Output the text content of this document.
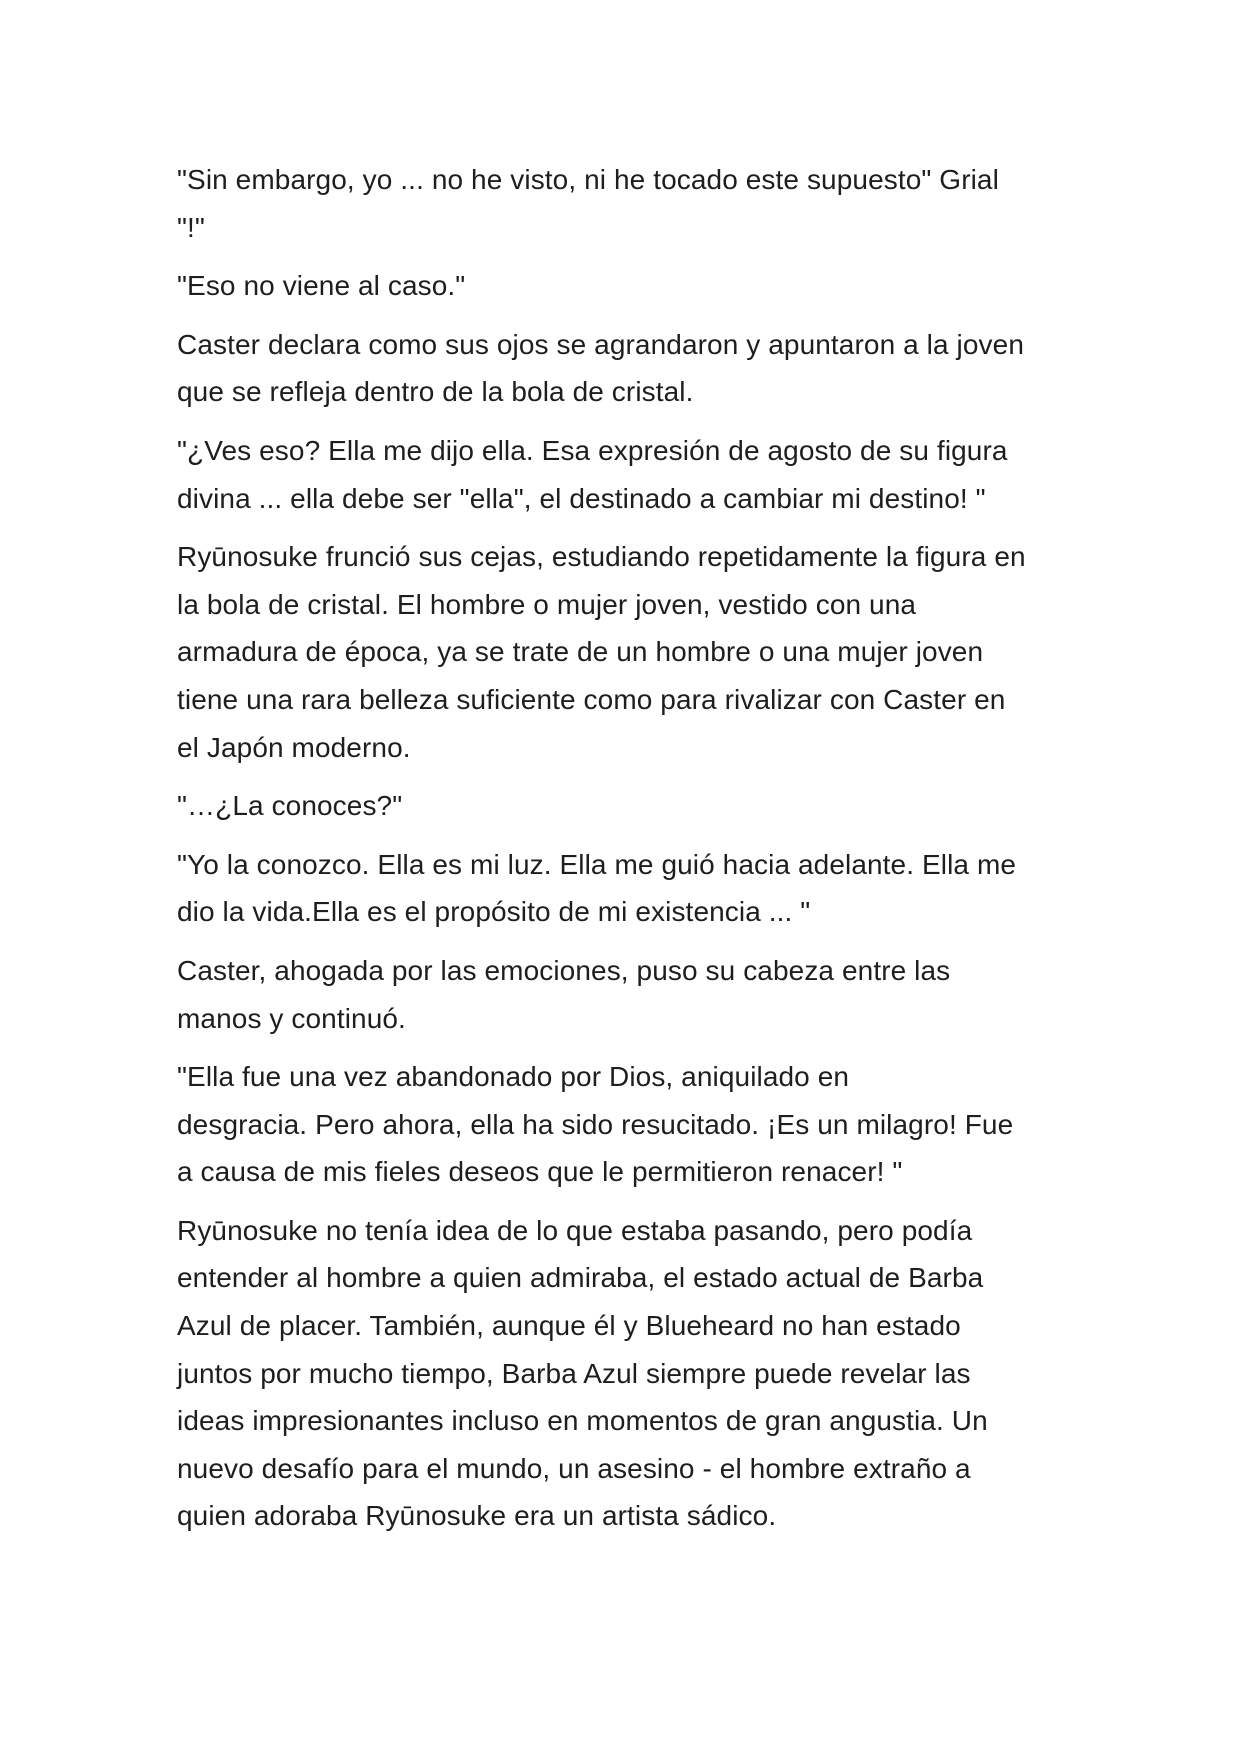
"Sin embargo, yo ... no he visto, ni he tocado este supuesto" Grial
"!"

"Eso no viene al caso."

Caster declara como sus ojos se agrandaron y apuntaron a la joven
que se refleja dentro de la bola de cristal.

"¿Ves eso? Ella me dijo ella. Esa expresión de agosto de su figura
divina ... ella debe ser "ella", el destinado a cambiar mi destino! "

Ryūnosuke frunció sus cejas, estudiando repetidamente la figura en
la bola de cristal. El hombre o mujer joven, vestido con una
armadura de época, ya se trate de un hombre o una mujer joven
tiene una rara belleza suficiente como para rivalizar con Caster en
el Japón moderno.

"…¿La conoces?"

"Yo la conozco. Ella es mi luz. Ella me guió hacia adelante. Ella me
dio la vida.Ella es el propósito de mi existencia ... "

Caster, ahogada por las emociones, puso su cabeza entre las
manos y continuó.

"Ella fue una vez abandonado por Dios, aniquilado en
desgracia. Pero ahora, ella ha sido resucitado. ¡Es un milagro! Fue
a causa de mis fieles deseos que le permitieron renacer! "

Ryūnosuke no tenía idea de lo que estaba pasando, pero podía
entender al hombre a quien admiraba, el estado actual de Barba
Azul de placer. También, aunque él y Blueheard no han estado
juntos por mucho tiempo, Barba Azul siempre puede revelar las
ideas impresionantes incluso en momentos de gran angustia. Un
nuevo desafío para el mundo, un asesino - el hombre extraño a
quien adoraba Ryūnosuke era un artista sádico.
